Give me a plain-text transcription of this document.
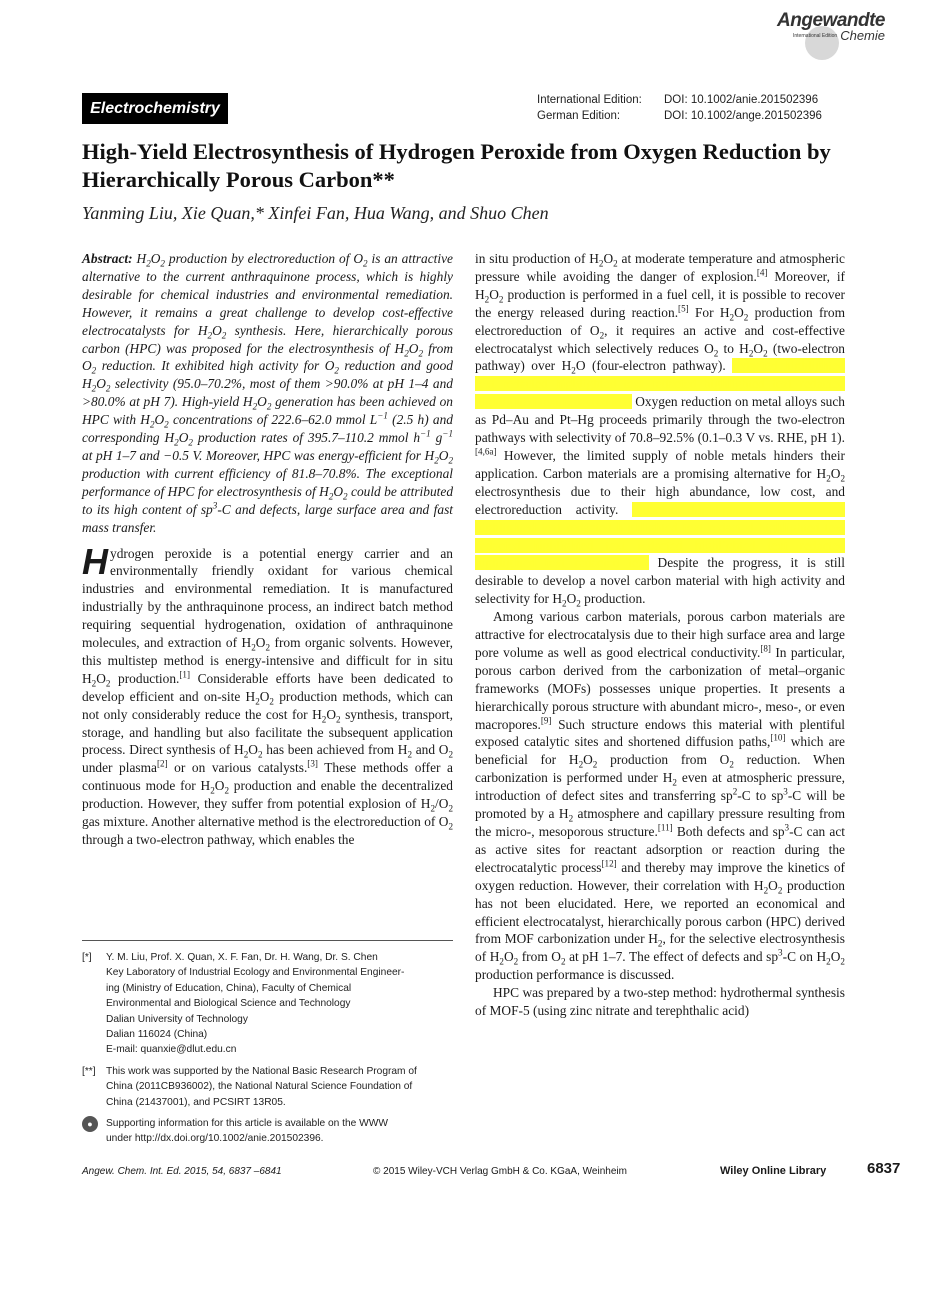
Angewandte
International Edition Chemie
Electrochemistry	International Edition: DOI: 10.1002/anie.201502396
German Edition:	DOI: 10.1002/ange.201502396
High-Yield Electrosynthesis of Hydrogen Peroxide from Oxygen Reduction by Hierarchically Porous Carbon**
Yanming Liu, Xie Quan,* Xinfei Fan, Hua Wang, and Shuo Chen

Abstract: $H_2O_2$ production by electroreduction of $O_2$ is an attractive alternative to the current anthraquinone process, which is highly desirable for chemical industries and environmental remediation. However, it remains a great challenge to develop cost-effective electrocatalysts for $H_2O_2$ synthesis. Here, hierarchically porous carbon (HPC) was proposed for the electrosynthesis of $H_2O_2$ from $O_2$ reduction. It exhibited high activity for $O_2$ reduction and good $H_2O_2$ selectivity (95.0–70.2%, most of them >90.0% at pH 1–4 and >80.0% at pH 7). High-yield $H_2O_2$ generation has been achieved on HPC with $H_2O_2$ concentrations of 222.6–62.0 mmol $L^{-1}$ (2.5 h) and corresponding $H_2O_2$ production rates of 395.7–110.2 mmol $h^{-1}$ $g^{-1}$ at pH 1–7 and −0.5 V. Moreover, HPC was energy-efficient for $H_2O_2$ production with current efficiency of 81.8–70.8%. The exceptional performance of HPC for electrosynthesis of $H_2O_2$ could be attributed to its high content of $sp^3-C$ and defects, large surface area and fast mass transfer.

Hydrogen peroxide is a potential energy carrier and an environmentally friendly oxidant for various chemical industries and environmental remediation. It is manufactured industrially by the anthraquinone process, an indirect batch method requiring sequential hydrogenation, oxidation of anthraquinone molecules, and extraction of $H_2O_2$ from organic solvents. However, this multistep method is energy-intensive and difficult for in situ $H_2O_2$ production.[1] Considerable efforts have been dedicated to develop efficient and on-site $H_2O_2$ production methods, which can not only considerably reduce the cost for $H_2O_2$ synthesis, transport, storage, and handling but also facilitate the subsequent application process. Direct synthesis of $H_2O_2$ has been achieved from $H_2$ and $O_2$ under plasma[2] or on various catalysts.[3] These methods offer a continuous mode for $H_2O_2$ production and enable the decentralized production. However, they suffer from potential explosion of $H_2/O_2$ gas mixture. Another alternative method is the electroreduction of $O_2$ through a two-electron pathway, which enables the

in situ production of $H_2O_2$ at moderate temperature and atmospheric pressure while avoiding the danger of explosion.[4] Moreover, if $H_2O_2$ production is performed in a fuel cell, it is possible to recover the energy released during reaction.[5] For $H_2O_2$ production from electroreduction of $O_2$, it requires an active and cost-effective electrocatalyst which selectively reduces $O_2$ to $H_2O_2$ (two-electron pathway) over $H_2O$ (four-electron pathway). redacted highlighted text redacted highlighted text redacted highlighted text redacted highlighted text redacted text Oxygen reduction on metal alloys such as Pd–Au and Pt–Hg proceeds primarily through the two-electron pathways with selectivity of 70.8–92.5% (0.1–0.3 V vs. RHE, pH 1).[4,6a] However, the limited supply of noble metals hinders their application. Carbon materials are a promising alternative for $H_2O_2$ electrosynthesis due to their high abundance, low cost, and electroreduction activity. redacted highlighted text redacted highlighted text redacted highlighted text redacted highlighted text redacted highlighted text redacted highlighted text redacted highlighted text redacted text Despite the progress, it is still desirable to develop a novel carbon material with high activity and selectivity for $H_2O_2$ production.

Among various carbon materials, porous carbon materials are attractive for electrocatalysis due to their high surface area and large pore volume as well as good electrical conductivity.[8] In particular, porous carbon derived from the carbonization of metal–organic frameworks (MOFs) possesses unique properties. It presents a hierarchically porous structure with abundant micro-, meso-, or even macropores.[9] Such structure endows this material with plentiful exposed catalytic sites and shortened diffusion paths,[10] which are beneficial for $H_2O_2$ production from $O_2$ reduction. When carbonization is performed under $H_2$ even at atmospheric pressure, introduction of defect sites and transferring $sp^2-C$ to $sp^3-C$ will be promoted by a $H_2$ atmosphere and capillary pressure resulting from the micro-, mesoporous structure.[11] Both defects and $sp^3-C$ can act as active sites for reactant adsorption or reaction during the electrocatalytic process[12] and thereby may improve the kinetics of oxygen reduction. However, their correlation with $H_2O_2$ production has not been elucidated. Here, we reported an economical and efficient electrocatalyst, hierarchically porous carbon (HPC) derived from MOF carbonization under $H_2$, for the selective electrosynthesis of $H_2O_2$ from $O_2$ at pH 1–7. The effect of defects and $sp^3-C$ on $H_2O_2$ production performance is discussed.

HPC was prepared by a two-step method: hydrothermal synthesis of MOF-5 (using zinc nitrate and terephthalic acid)

[*]	Y. M. Liu, Prof. X. Quan, X. F. Fan, Dr. H. Wang, Dr. S. Chen
Key Laboratory of Industrial Ecology and Environmental Engineer-
ing (Ministry of Education, China), Faculty of Chemical
Environmental and Biological Science and Technology
Dalian University of Technology
Dalian 116024 (China)
E-mail: quanxie@dlut.edu.cn
[**]	This work was supported by the National Basic Research Program of
China (2011CB936002), the National Natural Science Foundation of
China (21437001), and PCSIRT 13R05.
●	Supporting information for this article is available on the WWW
under http://dx.doi.org/10.1002/anie.201502396.
Angew. Chem. Int. Ed. 2015, 54, 6837 –6841	© 2015 Wiley-VCH Verlag GmbH & Co. KGaA, Weinheim	Wiley Online Library	6837
